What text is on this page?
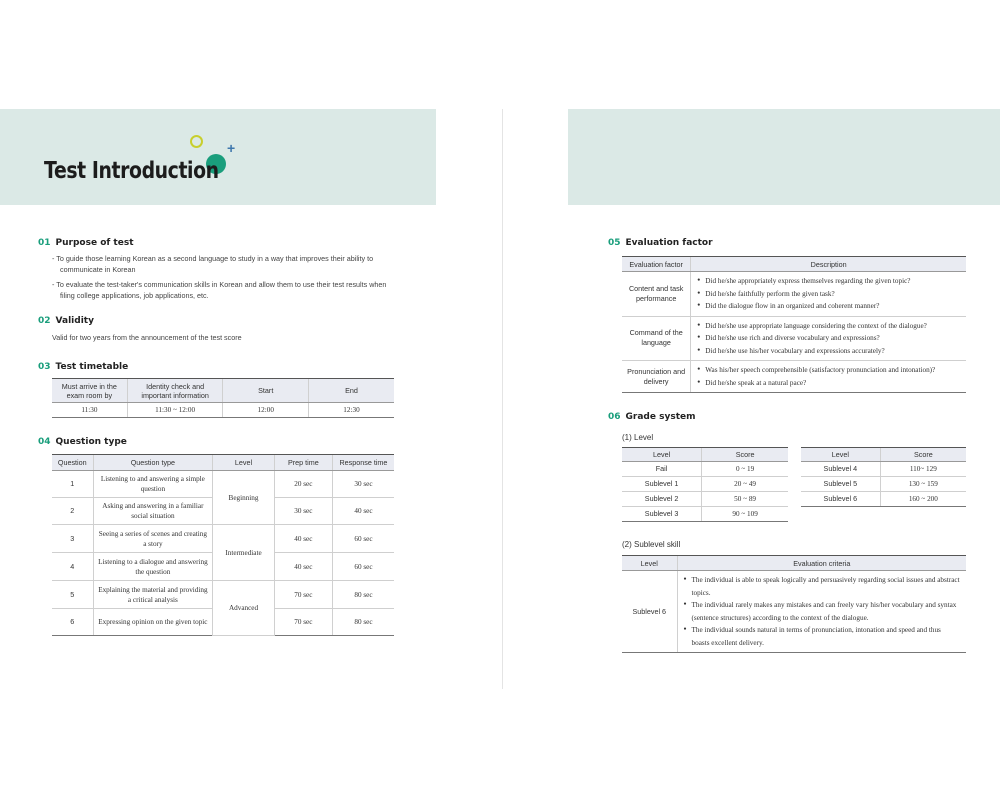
+
Test Introduction
01 Purpose of test

- To guide those learning Korean as a second language to study in a way that improves their ability to communicate in Korean

- To evaluate the test-taker's communication skills in Korean and allow them to use their test results when filing college applications, job applications, etc.

02 Validity
Valid for two years from the announcement of the test score
03 Test timetable
Must arrive in the exam room by	Identity check and important information	Start	End
11:30	11:30 ~ 12:00	12:00	12:30
04 Question type
Question	Question type	Level	Prep time	Response time
1	Listening to and answering a simple question	Beginning	20 sec	30 sec
2	Asking and answering in a familiar social situation		30 sec	40 sec
3	Seeing a series of scenes and creating a story	Intermediate	40 sec	60 sec
4	Listening to a dialogue and answering the question		40 sec	60 sec
5	Explaining the material and providing a critical analysis	Advanced	70 sec	80 sec
6	Expressing opinion on the given topic		70 sec	80 sec
05 Evaluation factor
Evaluation factor	Description
Content and task performance	● Did he/she appropriately express themselves regarding the given topic?
● Did he/she faithfully perform the given task?
● Did the dialogue flow in an organized and coherent manner?

Command of the language	● Did he/she use appropriate language considering the context of the dialogue?
● Did he/she use rich and diverse vocabulary and expressions?
● Did he/she use his/her vocabulary and expressions accurately?

Pronunciation and delivery	● Was his/her speech comprehensible (satisfactory pronunciation and intonation)?
● Did he/she speak at a natural pace?
06 Grade system
(1) Level
Level	Score
Fail	0 ~ 19
Sublevel 1	20 ~ 49
Sublevel 2	50 ~ 89
Sublevel 3	90 ~ 109
Level	Score
Sublevel 4	110~ 129
Sublevel 5	130 ~ 159
Sublevel 6	160 ~ 200
(2) Sublevel skill
Level	Evaluation criteria
Sublevel 6	● The individual is able to speak logically and persuasively regarding social issues and abstract topics.
● The individual rarely makes any mistakes and can freely vary his/her vocabulary and syntax (sentence structures) according to the context of the dialogue.
● The individual sounds natural in terms of pronunciation, intonation and speed and thus boasts excellent delivery.
